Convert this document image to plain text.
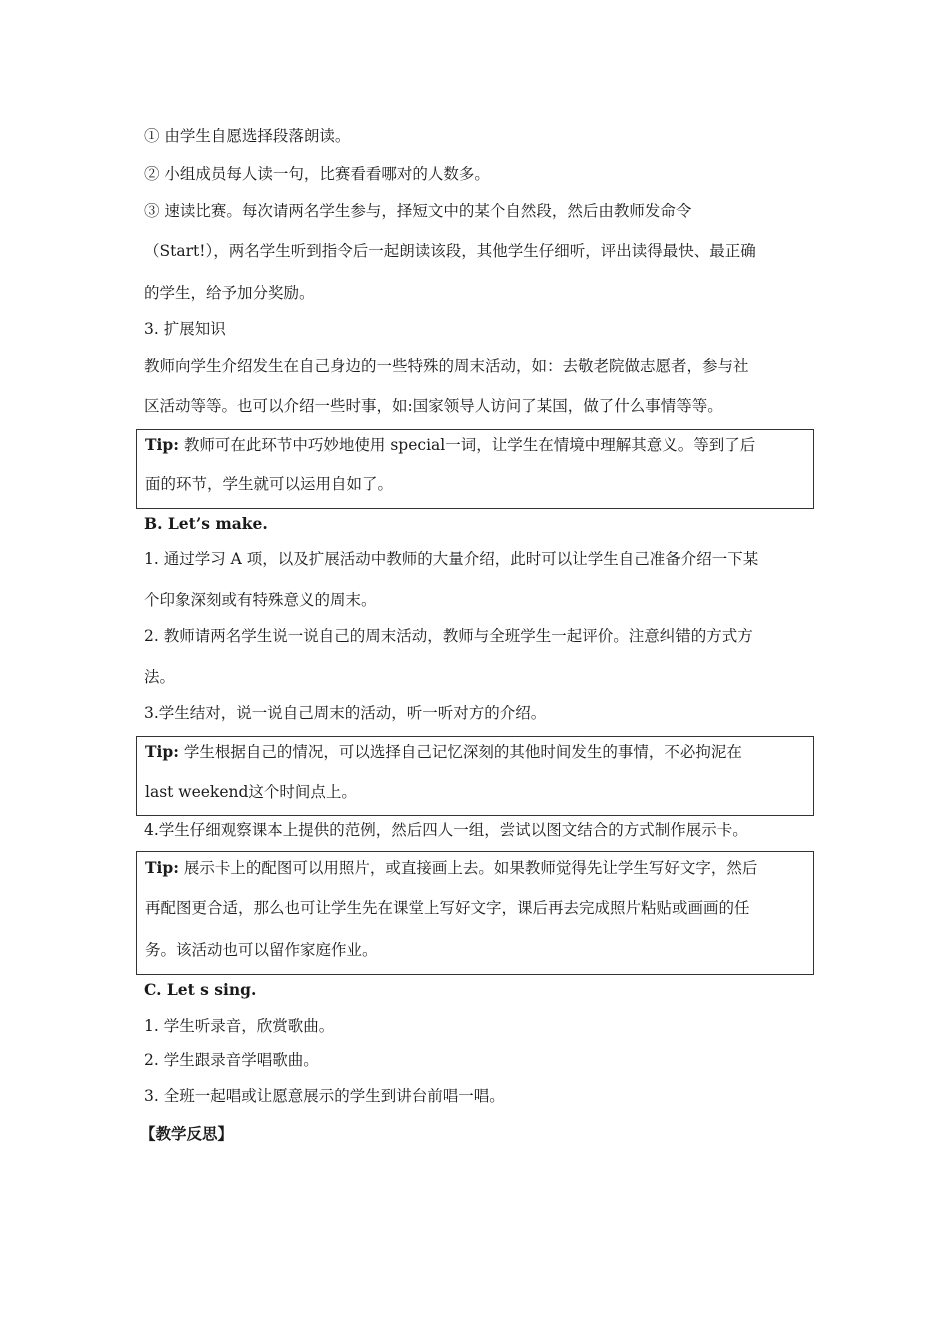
① 由学生自愿选择段落朗读。
② 小组成员每人读一句，比赛看看哪对的人数多。
③ 速读比赛。每次请两名学生参与，择短文中的某个自然段，然后由教师发命令
（Start!），两名学生听到指令后一起朗读该段，其他学生仔细听，评出读得最快、最正确
的学生，给予加分奖励。
3. 扩展知识
教师向学生介绍发生在自己身边的一些特殊的周末活动，如：去敬老院做志愿者，参与社
区活动等等。也可以介绍一些时事，如:国家领导人访问了某国，做了什么事情等等。
Tip: 教师可在此环节中巧妙地使用 special一词，让学生在情境中理解其意义。等到了后
面的环节，学生就可以运用自如了。
B. Let’s make.
1. 通过学习 A 项，以及扩展活动中教师的大量介绍，此时可以让学生自己准备介绍一下某
个印象深刻或有特殊意义的周末。
2. 教师请两名学生说一说自己的周末活动，教师与全班学生一起评价。注意纠错的方式方
法。
3.学生结对，说一说自己周末的活动，听一听对方的介绍。
Tip: 学生根据自己的情况，可以选择自己记忆深刻的其他时间发生的事情，不必拘泥在
last weekend这个时间点上。
4.学生仔细观察课本上提供的范例，然后四人一组，尝试以图文结合的方式制作展示卡。
Tip: 展示卡上的配图可以用照片，或直接画上去。如果教师觉得先让学生写好文字，然后
再配图更合适，那么也可让学生先在课堂上写好文字，课后再去完成照片粘贴或画画的任
务。该活动也可以留作家庭作业。
C. Let s sing.
1. 学生听录音，欣赏歌曲。
2. 学生跟录音学唱歌曲。
3. 全班一起唱或让愿意展示的学生到讲台前唱一唱。
【教学反思】
